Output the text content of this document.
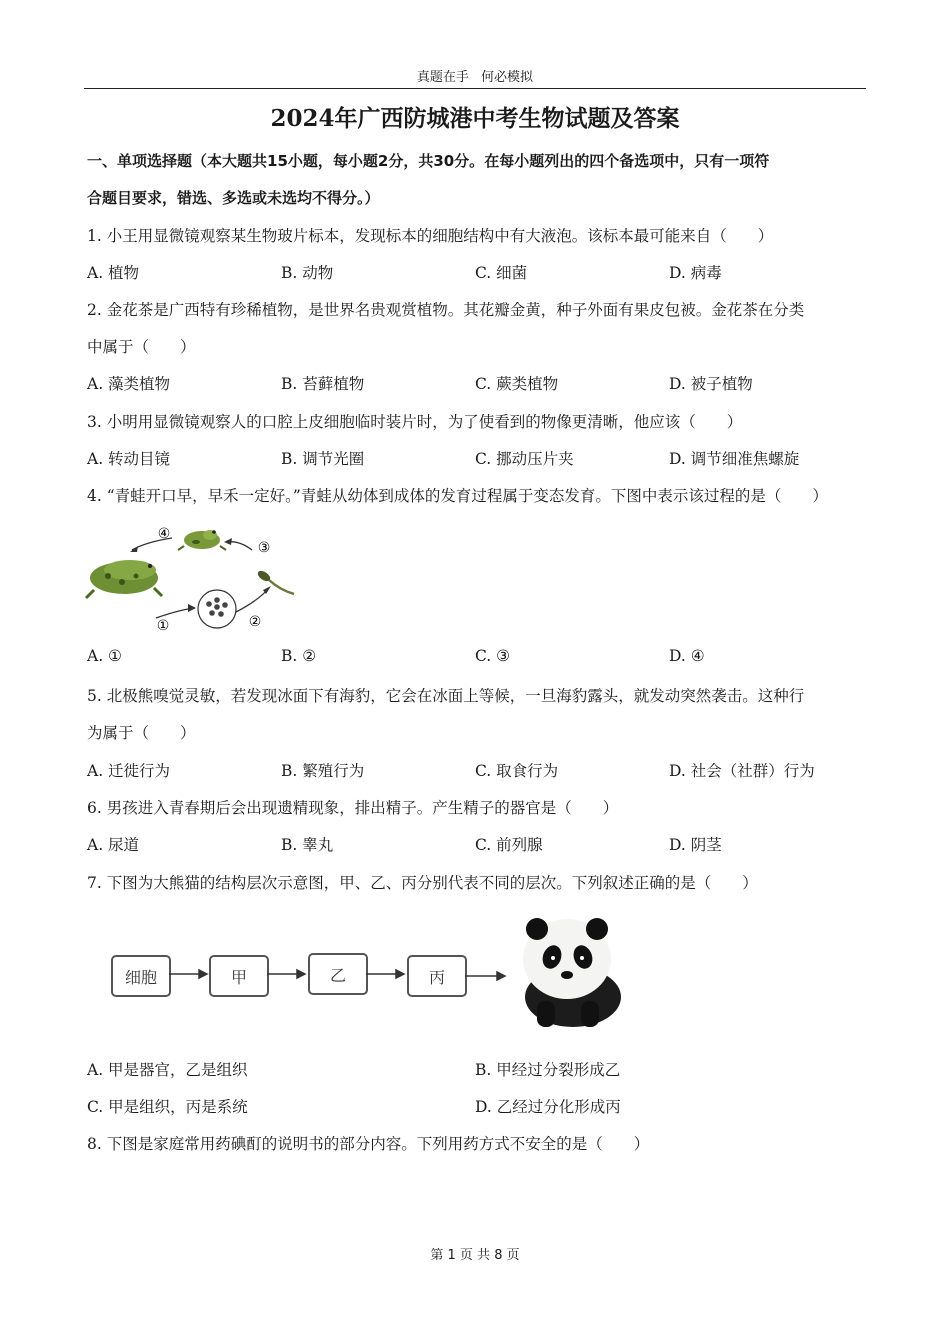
真题在手 何必模拟
2024年广西防城港中考生物试题及答案
一、单项选择题（本大题共15小题，每小题2分，共30分。在每小题列出的四个备选项中，只有一项符
合题目要求，错选、多选或未选均不得分。）
1. 小王用显微镜观察某生物玻片标本，发现标本的细胞结构中有大液泡。该标本最可能来自（　　）
A. 植物	B. 动物	C. 细菌	D. 病毒
2. 金花茶是广西特有珍稀植物，是世界名贵观赏植物。其花瓣金黄，种子外面有果皮包被。金花茶在分类
中属于（　　）
A. 藻类植物	B. 苔藓植物	C. 蕨类植物	D. 被子植物
3. 小明用显微镜观察人的口腔上皮细胞临时装片时，为了使看到的物像更清晰，他应该（　　）
A. 转动目镜	B. 调节光圈	C. 挪动压片夹	D. 调节细准焦螺旋
4. “青蛙开口早，早禾一定好。”青蛙从幼体到成体的发育过程属于变态发育。下图中表示该过程的是（　　）
①	②
③
④
A. ①	B. ②	C. ③	D. ④
5. 北极熊嗅觉灵敏，若发现冰面下有海豹，它会在冰面上等候，一旦海豹露头，就发动突然袭击。这种行
为属于（　　）
A. 迁徙行为	B. 繁殖行为	C. 取食行为	D. 社会（社群）行为
6. 男孩进入青春期后会出现遗精现象，排出精子。产生精子的器官是（　　）
A. 尿道	B. 睾丸	C. 前列腺	D. 阴茎
7. 下图为大熊猫的结构层次示意图，甲、乙、丙分别代表不同的层次。下列叙述正确的是（　　）
细胞	甲	乙	丙
A. 甲是器官，乙是组织	B. 甲经过分裂形成乙
C. 甲是组织，丙是系统	D. 乙经过分化形成丙
8. 下图是家庭常用药碘酊的说明书的部分内容。下列用药方式不安全的是（　　）
第 1 页 共 8 页
